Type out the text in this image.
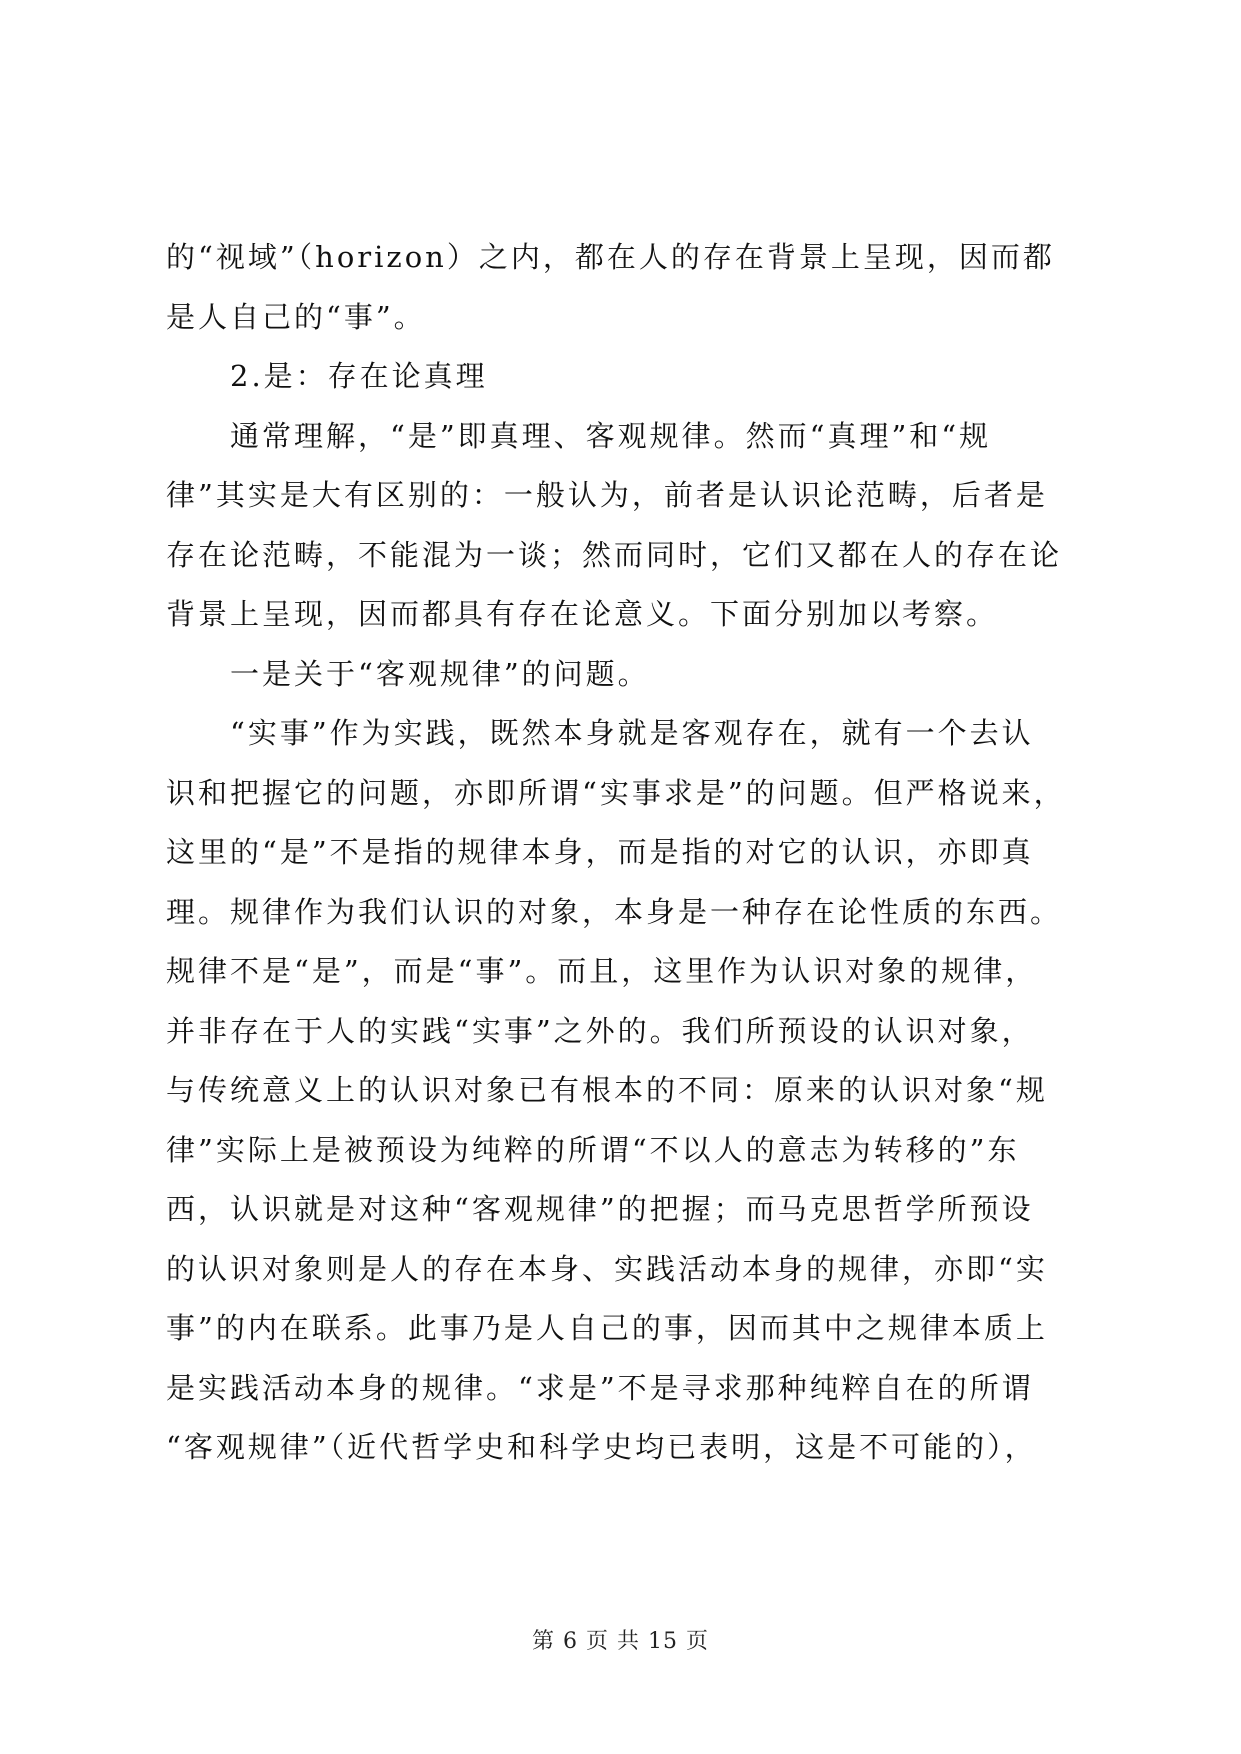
的“视域”（horizon）之内，都在人的存在背景上呈现，因而都
是人自己的“事”。
2.是：存在论真理
通常理解，“是”即真理、客观规律。然而“真理”和“规
律”其实是大有区别的：一般认为，前者是认识论范畴，后者是
存在论范畴，不能混为一谈；然而同时，它们又都在人的存在论
背景上呈现，因而都具有存在论意义。下面分别加以考察。
一是关于“客观规律”的问题。
“实事”作为实践，既然本身就是客观存在，就有一个去认
识和把握它的问题，亦即所谓“实事求是”的问题。但严格说来，
这里的“是”不是指的规律本身，而是指的对它的认识，亦即真
理。规律作为我们认识的对象，本身是一种存在论性质的东西。
规律不是“是”，而是“事”。而且，这里作为认识对象的规律，
并非存在于人的实践“实事”之外的。我们所预设的认识对象，
与传统意义上的认识对象已有根本的不同：原来的认识对象“规
律”实际上是被预设为纯粹的所谓“不以人的意志为转移的”东
西，认识就是对这种“客观规律”的把握；而马克思哲学所预设
的认识对象则是人的存在本身、实践活动本身的规律，亦即“实
事”的内在联系。此事乃是人自己的事，因而其中之规律本质上
是实践活动本身的规律。“求是”不是寻求那种纯粹自在的所谓
“客观规律”（近代哲学史和科学史均已表明，这是不可能的），
第 6 页 共 15 页
